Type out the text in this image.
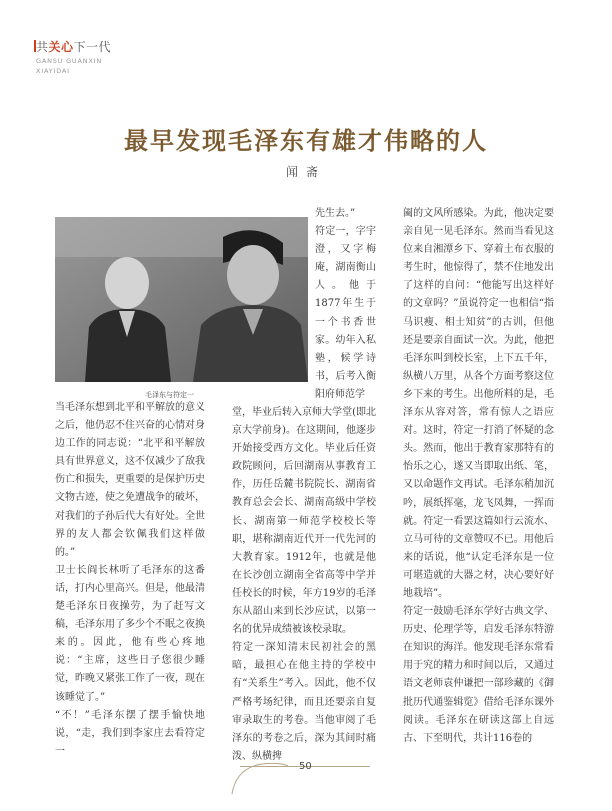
共关心下一代
GANSU GUANXIN
XIAYIDAI
最早发现毛泽东有雄才伟略的人
闻斋
毛泽东与符定一

当毛泽东想到北平和平解放的意义之后，他仍忍不住兴奋的心情对身边工作的同志说：“北平和平解放具有世界意义，这不仅减少了敌我伤亡和损失，更重要的是保护历史文物古迹，使之免遭战争的破坏，对我们的子孙后代大有好处。全世界的友人都会钦佩我们这样做的。”

卫士长阎长林听了毛泽东的这番话，打内心里高兴。但是，他最清楚毛泽东日夜操劳，为了赶写文稿，毛泽东用了多少个不眠之夜换来的。因此，他有些心疼地说：“主席，这些日子您很少睡觉，昨晚又紧张工作了一夜，现在该睡觉了。”

“不！”毛泽东摆了摆手愉快地说，“走，我们到李家庄去看符定一

先生去。”

符定一，字宇澄，又字梅庵，湖南衡山人。他于1877年生于一个书香世家。幼年入私塾，候学诗书，后考入衡阳府师范学

堂，毕业后转入京师大学堂(即北京大学前身)。在这期间，他逐步开始接受西方文化。毕业后任资政院顾问，后回湖南从事教育工作，历任岳麓书院院长、湖南省教育总会会长、湖南高级中学校长、湖南第一师范学校校长等职，堪称湖南近代开一代先河的大教育家。1912年，也就是他在长沙创立湖南全省高等中学并任校长的时候，年方19岁的毛泽东从韶山来到长沙应试，以第一名的优异成绩被该校录取。

符定一深知清末民初社会的黑暗，最担心在他主持的学校中有“关系生”考入。因此，他不仅严格考场纪律，而且还要亲自复审录取生的考卷。当他审阅了毛泽东的考卷之后，深为其间时痛泼、纵横捭

阖的文风所感染。为此，他决定要亲自见一见毛泽东。然而当看见这位来自湘潭乡下、穿着土布衣服的考生时，他惊得了，禁不住地发出了这样的自问：“他能写出这样好的文章吗？”虽说符定一也相信“指马识痩、相士知贫”的古训，但他还是要亲自面试一次。为此，他把毛泽东叫到校长室，上下五千年，纵横八万里，从各个方面考察这位乡下来的考生。出他所料的是，毛泽东从容对答，常有惊人之语应对。这时，符定一打消了怀疑的念头。然而，他出于教育家那特有的怡乐之心，遂又当即取出纸、笔，又以命题作文再试。毛泽东稍加沉吟，展纸挥毫，龙飞凤舞，一挥而就。符定一看罢这篇如行云流水、立马可待的文章赞叹不已。用他后来的话说，他“认定毛泽东是一位可堪造就的大器之材，决心要好好地栽培”。

符定一鼓励毛泽东学好古典文学、历史、伦理学等，启发毛泽东特游在知识的海洋。他发现毛泽东常看用于究的精力和时间以后，又通过语文老师袁仲谦把一部珍藏的《御批历代通鉴辑览》借给毛泽东课外阅读。毛泽东在研读这部上自远古、下至明代，共计116卷的

50
